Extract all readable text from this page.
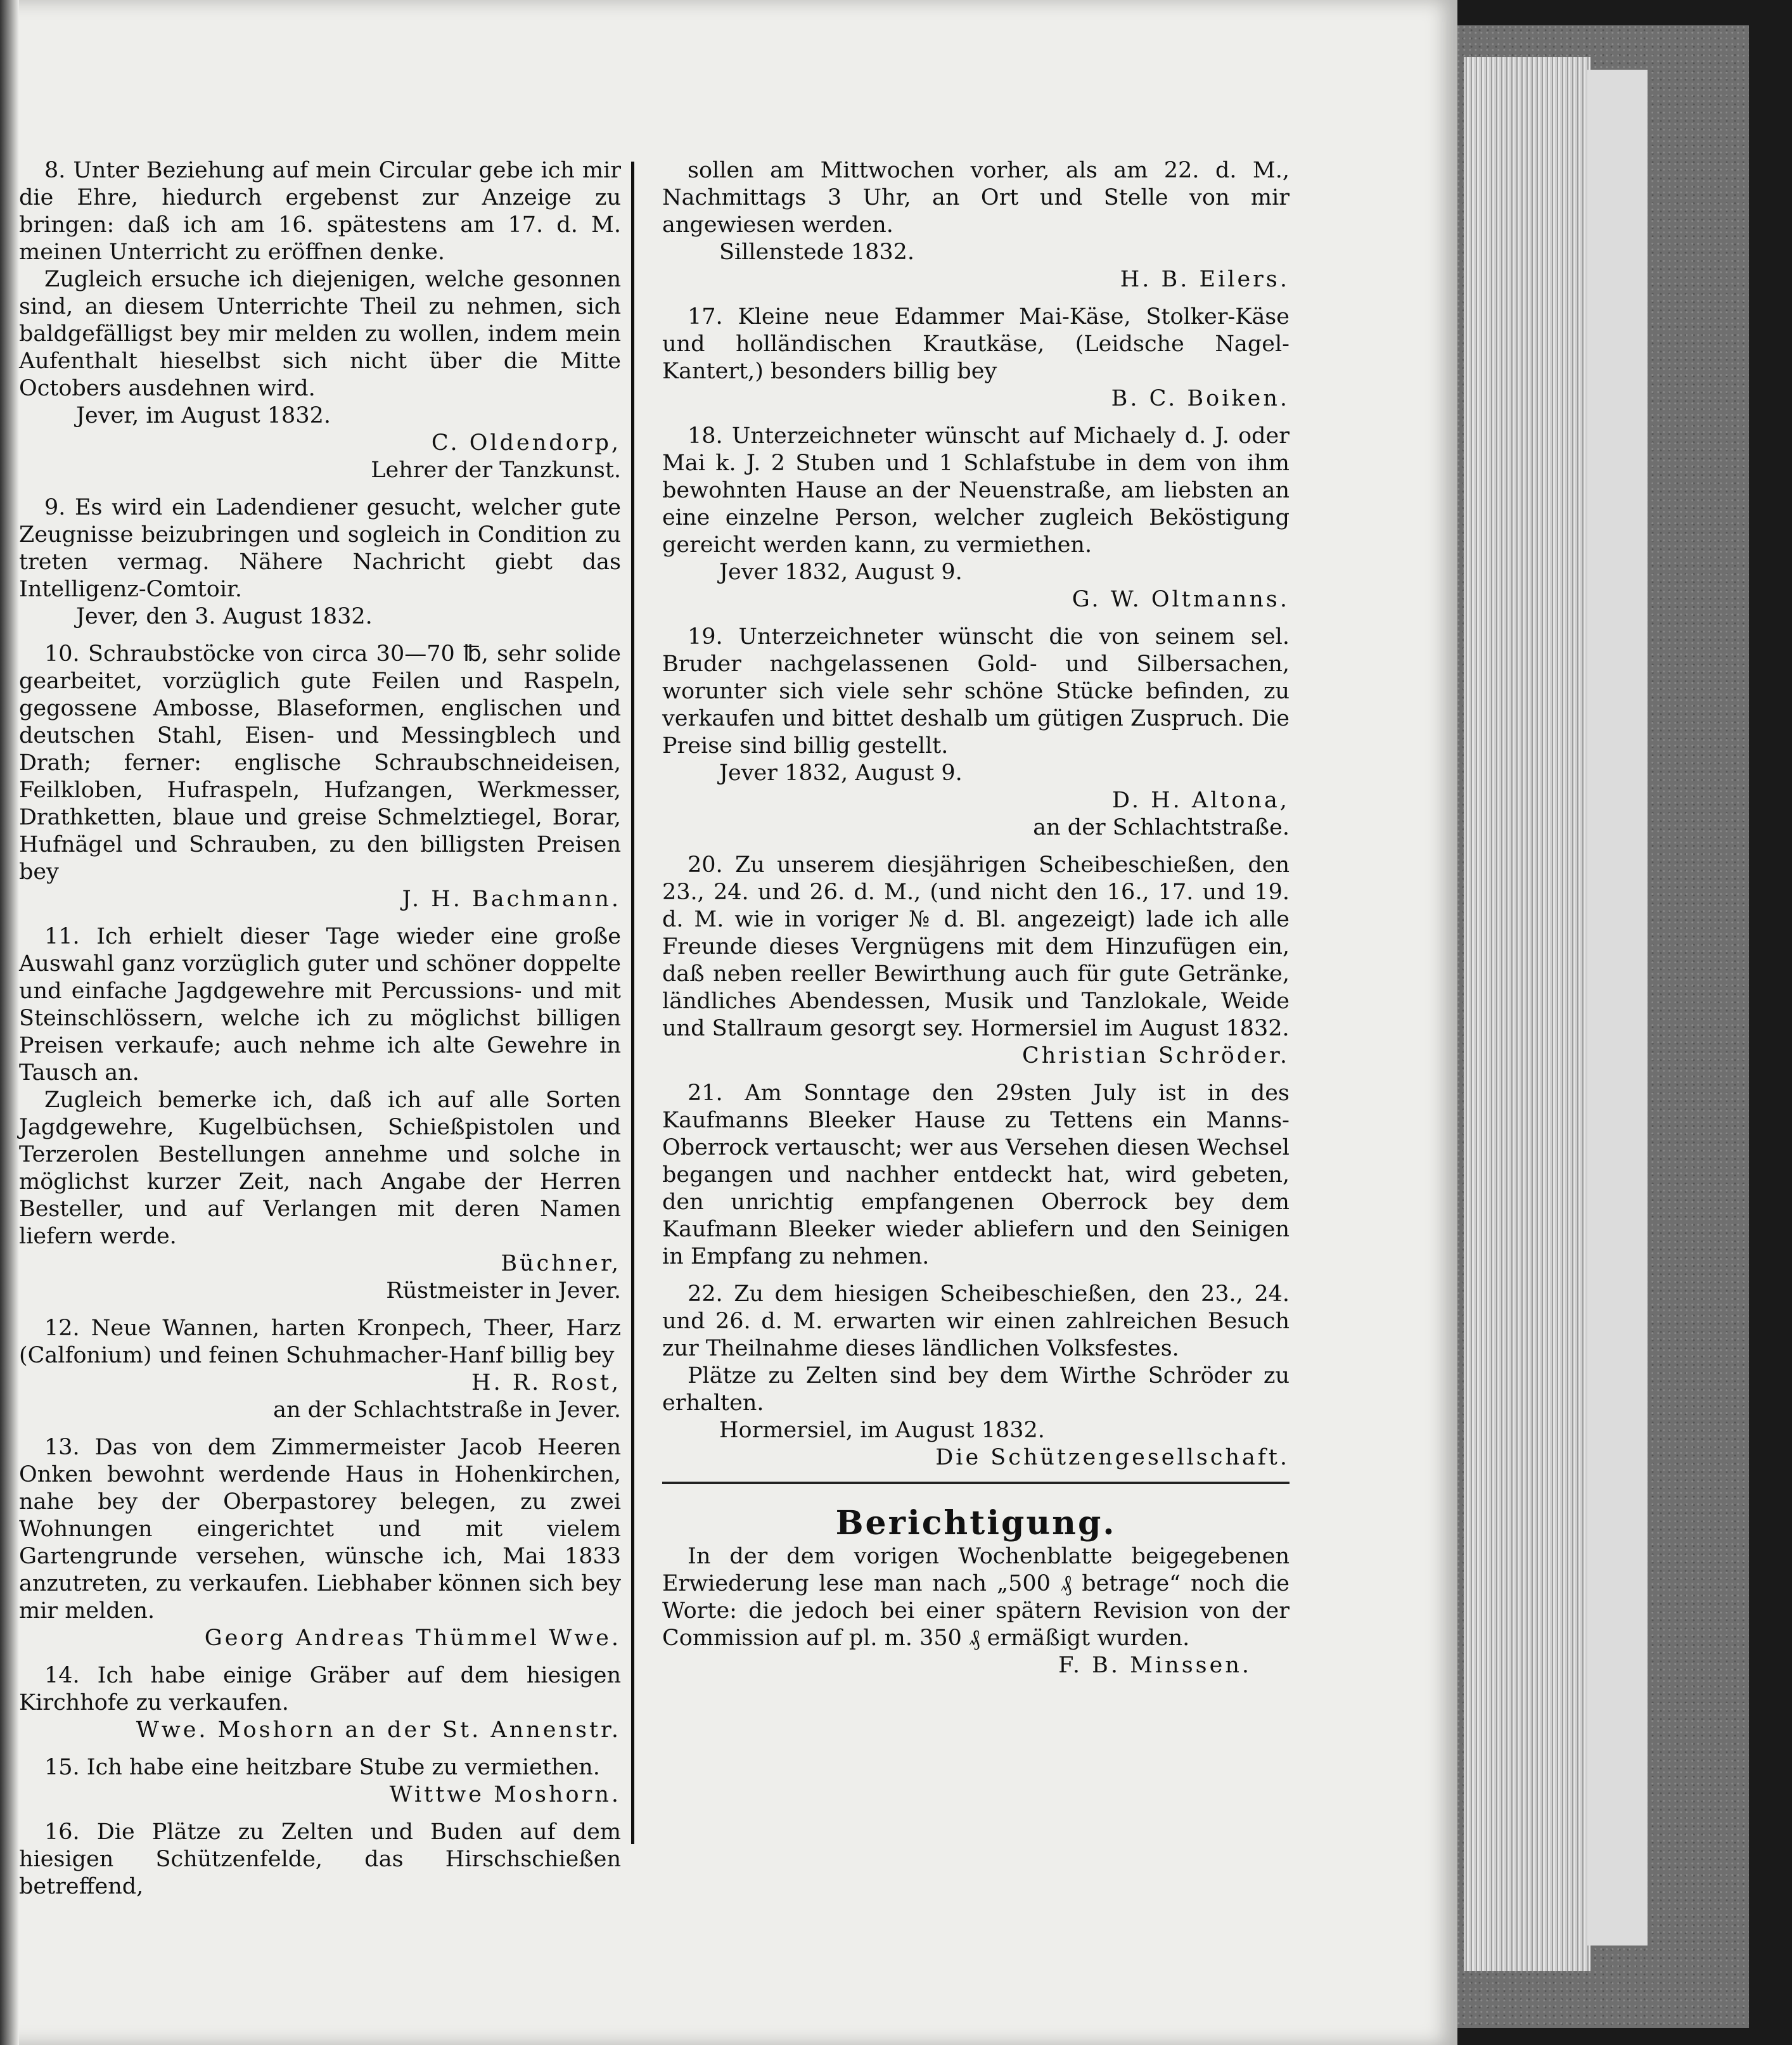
8. Unter Beziehung auf mein Circular gebe ich mir die Ehre, hiedurch ergebenst zur Anzeige zu bringen: daß ich am 16. spätestens am 17. d. M. meinen Unterricht zu eröffnen denke.

Zugleich ersuche ich diejenigen, welche gesonnen sind, an diesem Unterrichte Theil zu nehmen, sich baldgefälligst bey mir melden zu wollen, indem mein Aufenthalt hieselbst sich nicht über die Mitte Octobers ausdehnen wird.

Jever, im August 1832.

C. Oldendorp,

Lehrer der Tanzkunst.

9. Es wird ein Ladendiener gesucht, welcher gute Zeugnisse beizubringen und sogleich in Condition zu treten vermag. Nähere Nachricht giebt das Intelligenz-Comtoir.

Jever, den 3. August 1832.

10. Schraubstöcke von circa 30—70 ℔, sehr solide gearbeitet, vorzüglich gute Feilen und Raspeln, gegossene Ambosse, Blaseformen, englischen und deutschen Stahl, Eisen- und Messingblech und Drath; ferner: englische Schraubschneideisen, Feilkloben, Hufraspeln, Hufzangen, Werkmesser, Drathketten, blaue und greise Schmelztiegel, Borar, Hufnägel und Schrauben, zu den billigsten Preisen bey

J. H. Bachmann.

11. Ich erhielt dieser Tage wieder eine große Auswahl ganz vorzüglich guter und schöner doppelte und einfache Jagdgewehre mit Percussions- und mit Steinschlössern, welche ich zu möglichst billigen Preisen verkaufe; auch nehme ich alte Gewehre in Tausch an.

Zugleich bemerke ich, daß ich auf alle Sorten Jagdgewehre, Kugelbüchsen, Schießpistolen und Terzerolen Bestellungen annehme und solche in möglichst kurzer Zeit, nach Angabe der Herren Besteller, und auf Verlangen mit deren Namen liefern werde.

Büchner,

Rüstmeister in Jever.

12. Neue Wannen, harten Kronpech, Theer, Harz (Calfonium) und feinen Schuhmacher-Hanf billig bey

H. R. Rost,

an der Schlachtstraße in Jever.

13. Das von dem Zimmermeister Jacob Heeren Onken bewohnt werdende Haus in Hohenkirchen, nahe bey der Oberpastorey belegen, zu zwei Wohnungen eingerichtet und mit vielem Gartengrunde versehen, wünsche ich, Mai 1833 anzutreten, zu verkaufen. Liebhaber können sich bey mir melden.

Georg Andreas Thümmel Wwe.

14. Ich habe einige Gräber auf dem hiesigen Kirchhofe zu verkaufen.

Wwe. Moshorn an der St. Annenstr.

15. Ich habe eine heitzbare Stube zu vermiethen.

Wittwe Moshorn.

16. Die Plätze zu Zelten und Buden auf dem hiesigen Schützenfelde, das Hirschschießen betreffend,

sollen am Mittwochen vorher, als am 22. d. M., Nachmittags 3 Uhr, an Ort und Stelle von mir angewiesen werden.

Sillenstede 1832.

H. B. Eilers.

17. Kleine neue Edammer Mai-Käse, Stolker-Käse und holländischen Krautkäse, (Leidsche Nagel-Kantert,) besonders billig bey

B. C. Boiken.

18. Unterzeichneter wünscht auf Michaely d. J. oder Mai k. J. 2 Stuben und 1 Schlafstube in dem von ihm bewohnten Hause an der Neuenstraße, am liebsten an eine einzelne Person, welcher zugleich Beköstigung gereicht werden kann, zu vermiethen.

Jever 1832, August 9.

G. W. Oltmanns.

19. Unterzeichneter wünscht die von seinem sel. Bruder nachgelassenen Gold- und Silbersachen, worunter sich viele sehr schöne Stücke befinden, zu verkaufen und bittet deshalb um gütigen Zuspruch. Die Preise sind billig gestellt.

Jever 1832, August 9.

D. H. Altona,

an der Schlachtstraße.

20. Zu unserem diesjährigen Scheibeschießen, den 23., 24. und 26. d. M., (und nicht den 16., 17. und 19. d. M. wie in voriger № d. Bl. angezeigt) lade ich alle Freunde dieses Vergnügens mit dem Hinzufügen ein, daß neben reeller Bewirthung auch für gute Getränke, ländliches Abendessen, Musik und Tanzlokale, Weide und Stallraum gesorgt sey. Hormersiel im August 1832.

Christian Schröder.

21. Am Sonntage den 29sten July ist in des Kaufmanns Bleeker Hause zu Tettens ein Manns-Oberrock vertauscht; wer aus Versehen diesen Wechsel begangen und nachher entdeckt hat, wird gebeten, den unrichtig empfangenen Oberrock bey dem Kaufmann Bleeker wieder abliefern und den Seinigen in Empfang zu nehmen.

22. Zu dem hiesigen Scheibeschießen, den 23., 24. und 26. d. M. erwarten wir einen zahlreichen Besuch zur Theilnahme dieses ländlichen Volksfestes.

Plätze zu Zelten sind bey dem Wirthe Schröder zu erhalten.

Hormersiel, im August 1832.

Die Schützengesellschaft.

Berichtigung.

In der dem vorigen Wochenblatte beigegebenen Erwiederung lese man nach „500 ₰ betrage“ noch die Worte: die jedoch bei einer spätern Revision von der Commission auf pl. m. 350 ₰ ermäßigt wurden.

F. B. Minssen.
